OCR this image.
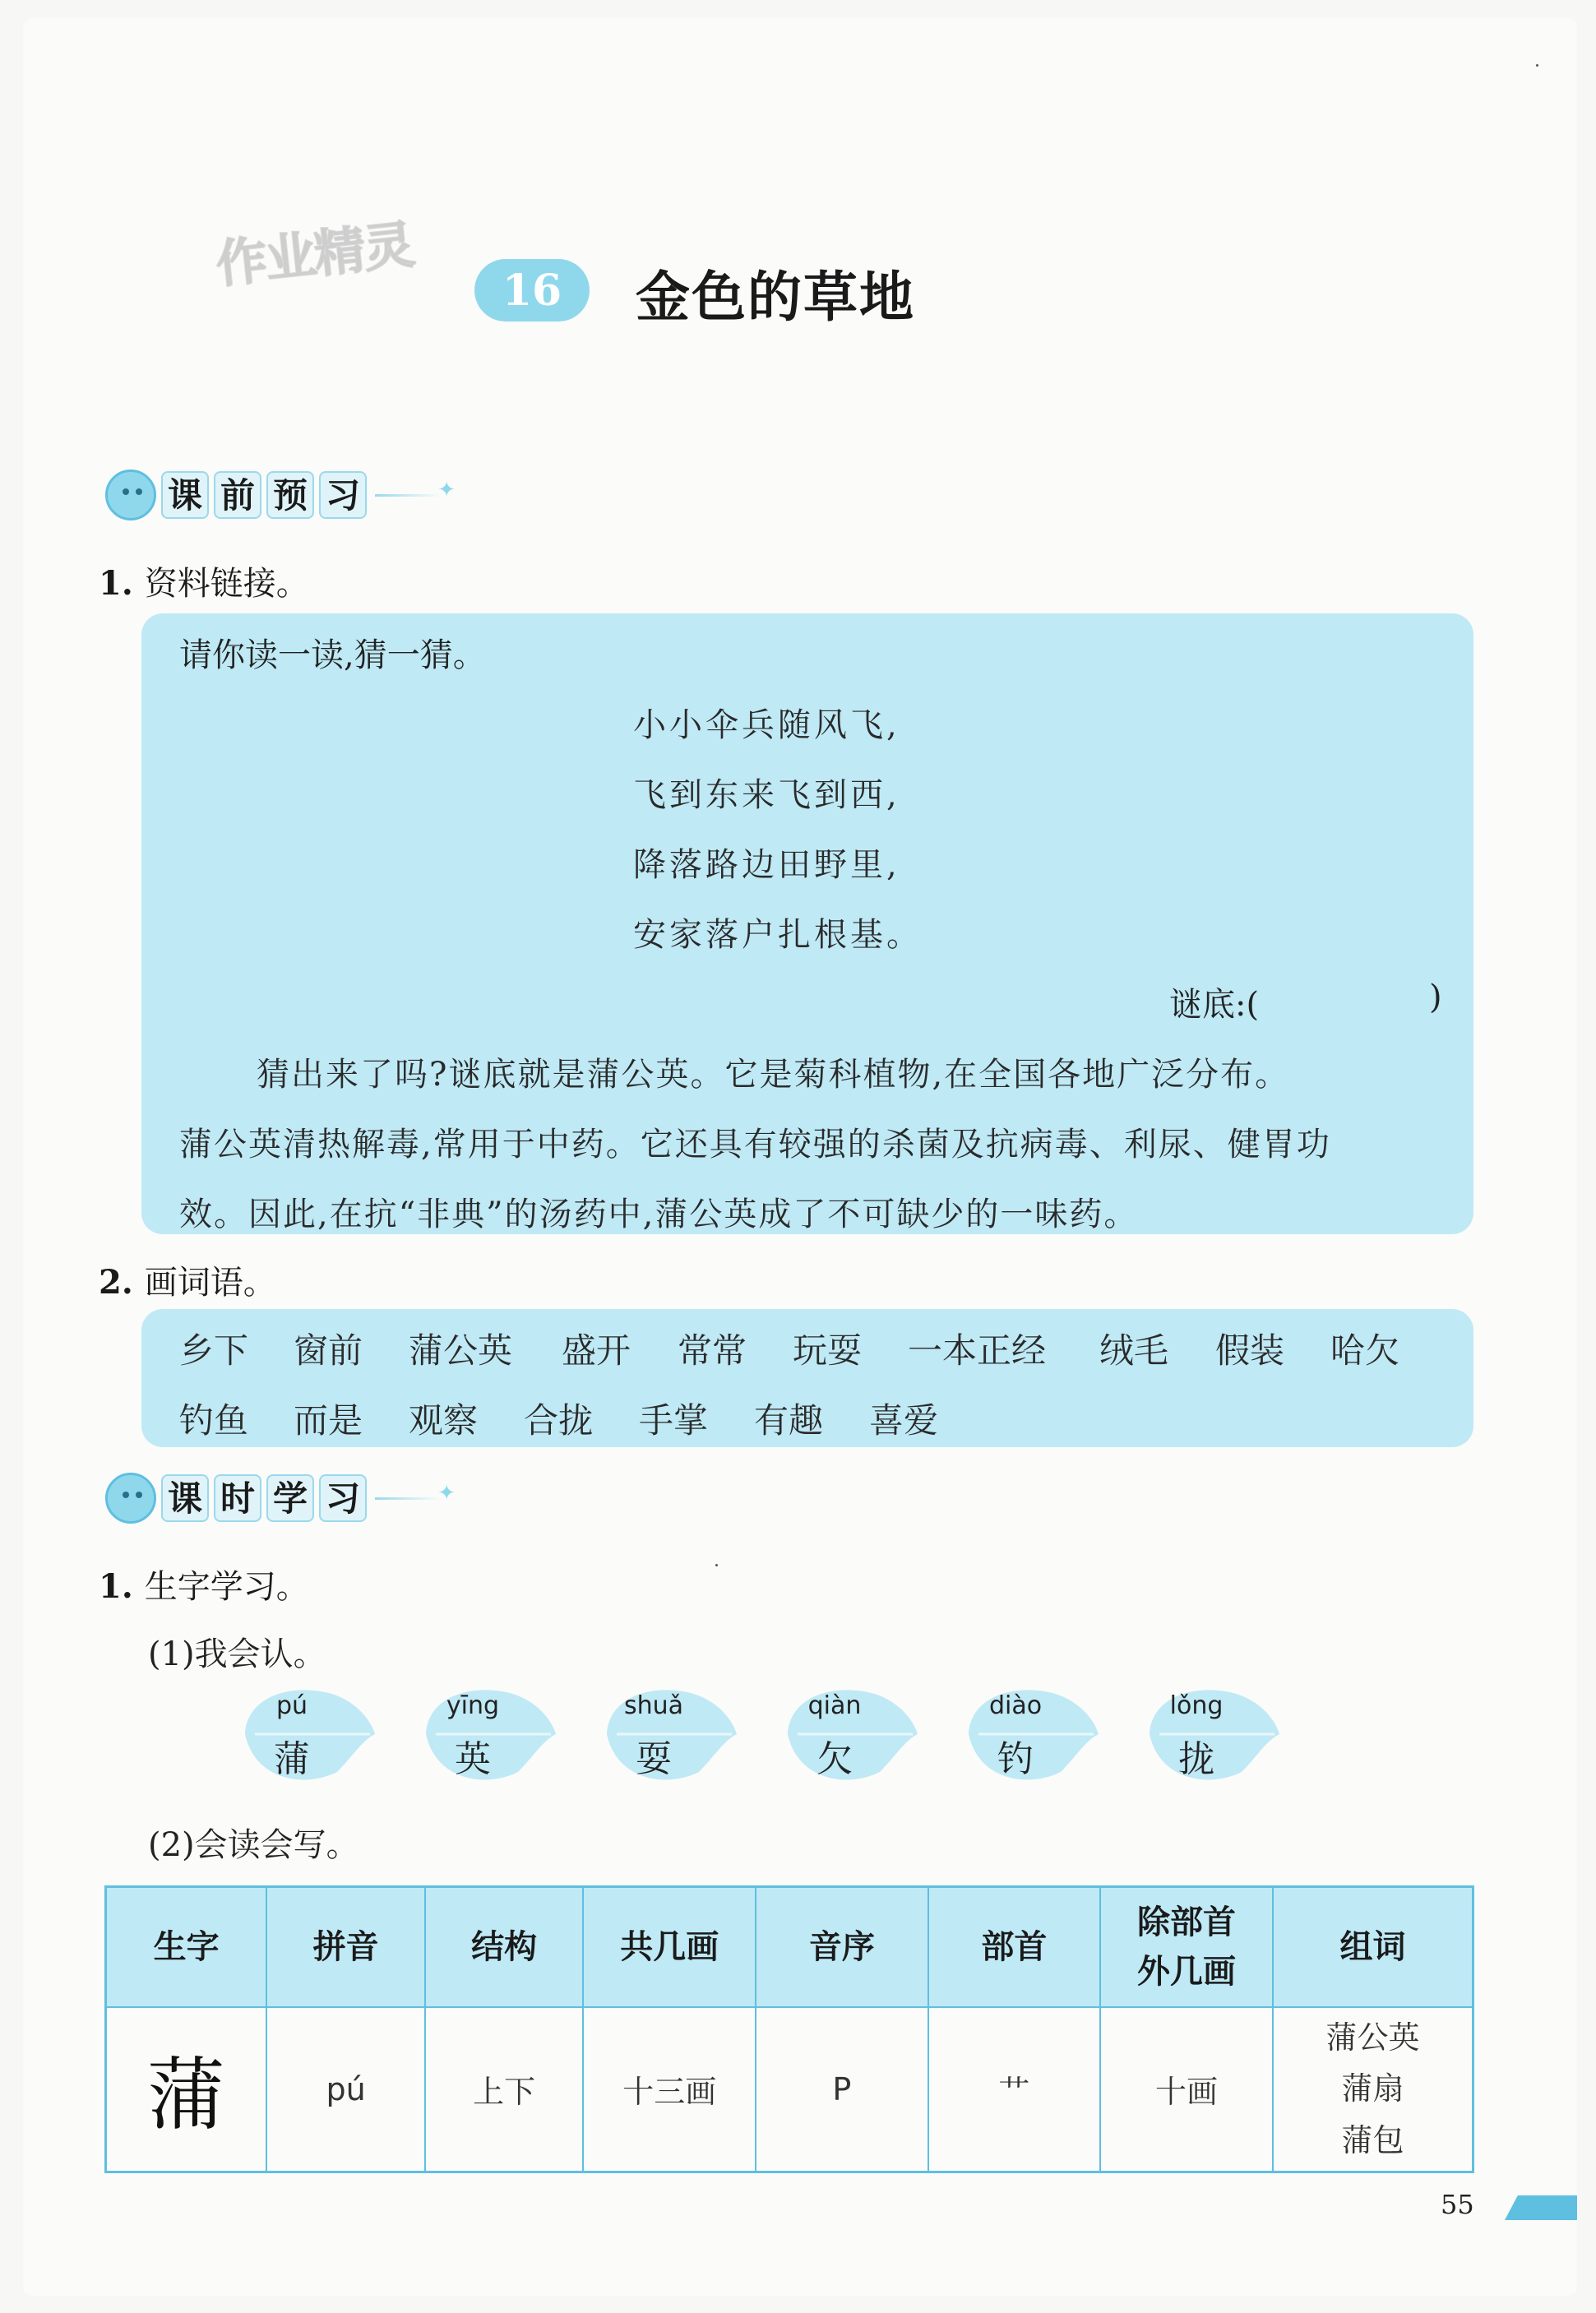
作业精灵	16	金色的草地
课 前 预 习
✦
1. 资料链接。
请你读一读,猜一猜。
小小伞兵随风飞,
飞到东来飞到西,
降落路边田野里,
安家落户扎根基。
谜底:(	)
猜出来了吗?谜底就是蒲公英。它是菊科植物,在全国各地广泛分布。
蒲公英清热解毒,常用于中药。它还具有较强的杀菌及抗病毒、利尿、健胃功
效。因此,在抗“非典”的汤药中,蒲公英成了不可缺少的一味药。
2. 画词语。
乡下 窗前 蒲公英 盛开 常常 玩耍 一本正经 绒毛 假装 哈欠
钓鱼 而是 观察 合拢 手掌 有趣 喜爱
课 时 学 习
✦
1. 生字学习。
(1)我会认。
pú
蒲
yīng
英
shuǎ
耍
qiàn
欠
diào
钓
lǒng
拢
(2)会读会写。
生字	拼音	结构	共几画	音序	部首	除部首外几画	组词
蒲	pú	上下	十三画	P	艹	十画	蒲公英
蒲扇
蒲包
55
